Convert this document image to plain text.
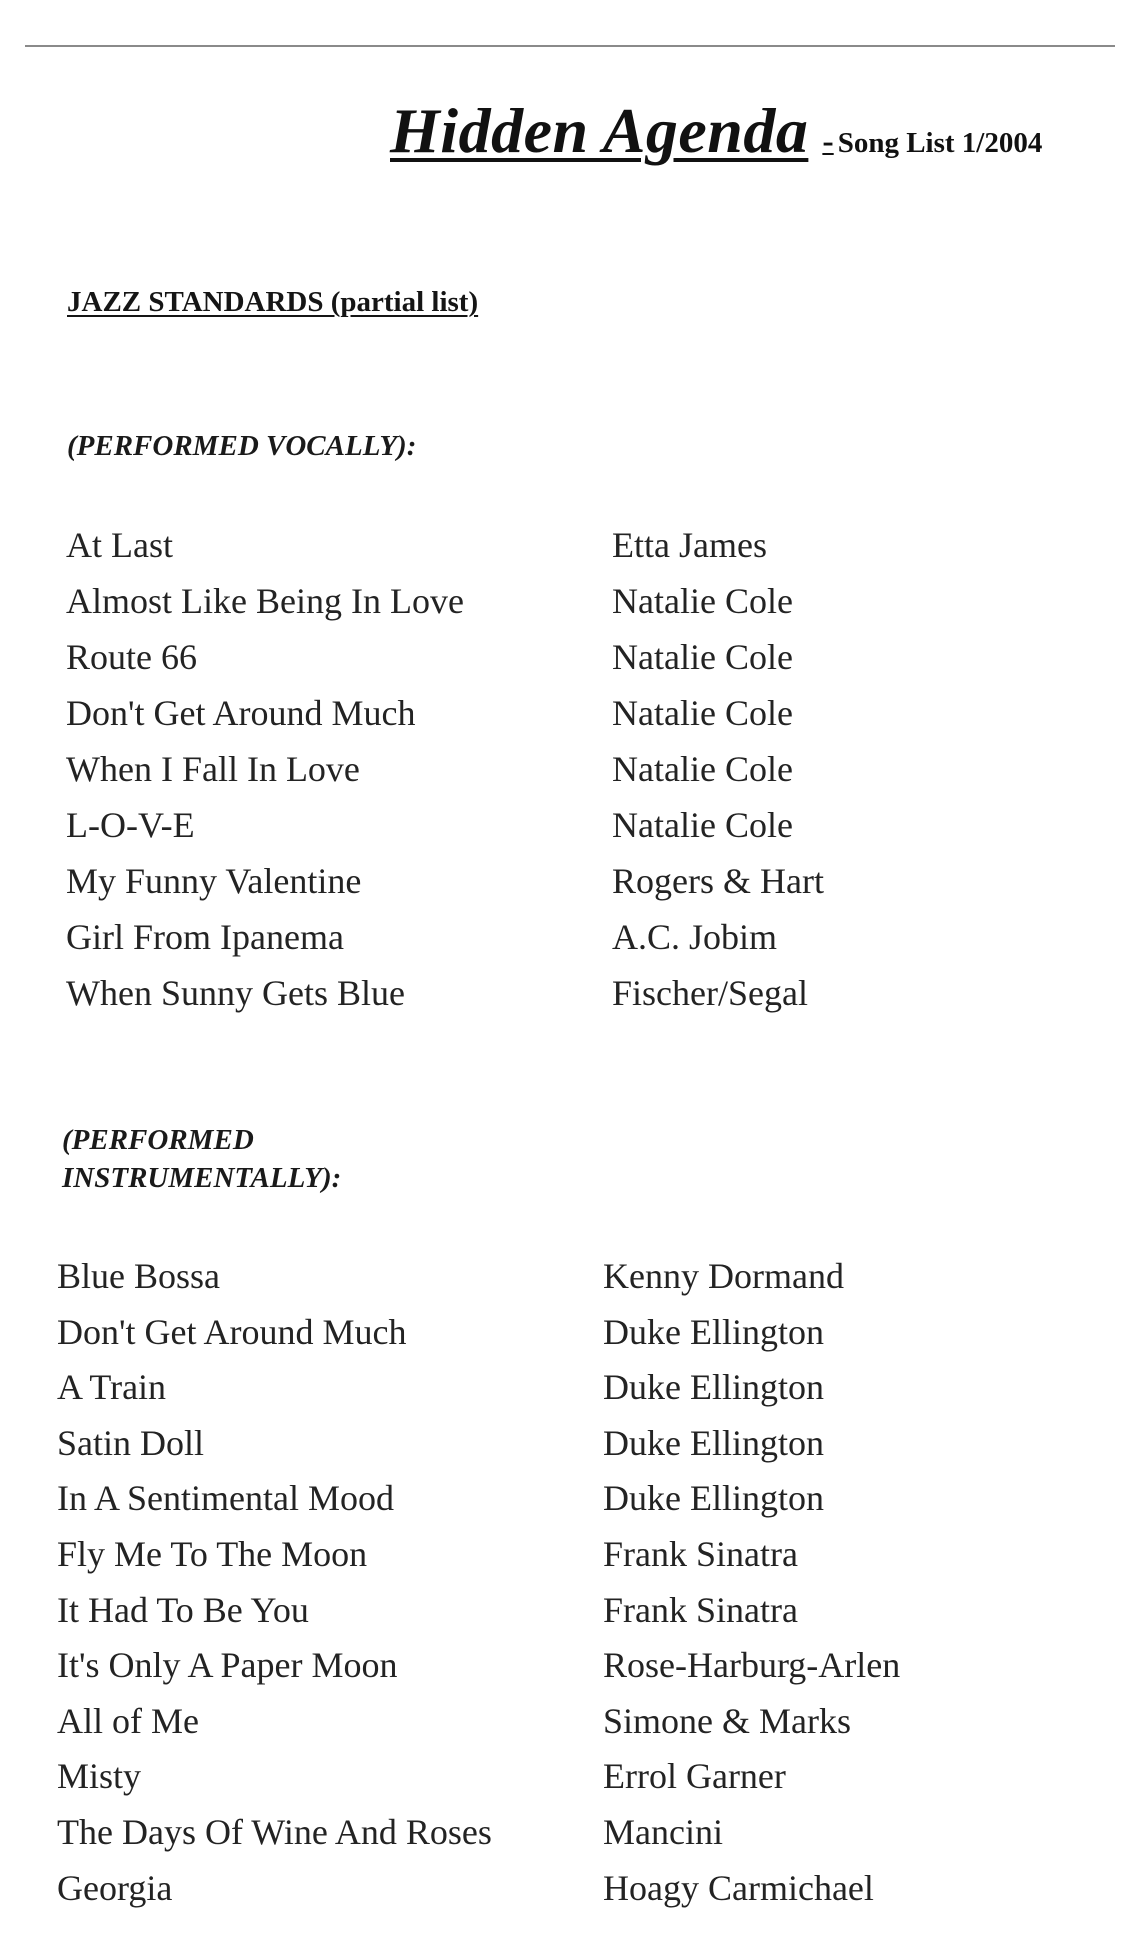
Hidden Agenda - Song List 1/2004
JAZZ STANDARDS (partial list)
(PERFORMED VOCALLY):
At Last	Etta James
Almost Like Being In Love	Natalie Cole
Route 66	Natalie Cole
Don't Get Around Much	Natalie Cole
When I Fall In Love	Natalie Cole
L-O-V-E	Natalie Cole
My Funny Valentine	Rogers & Hart
Girl From Ipanema	A.C. Jobim
When Sunny Gets Blue	Fischer/Segal
(PERFORMED
INSTRUMENTALLY):
Blue Bossa	Kenny Dormand
Don't Get Around Much	Duke Ellington
A Train	Duke Ellington
Satin Doll	Duke Ellington
In A Sentimental Mood	Duke Ellington
Fly Me To The Moon	Frank Sinatra
It Had To Be You	Frank Sinatra
It's Only A Paper Moon	Rose-Harburg-Arlen
All of Me	Simone & Marks
Misty	Errol Garner
The Days Of Wine And Roses	Mancini
Georgia	Hoagy Carmichael
